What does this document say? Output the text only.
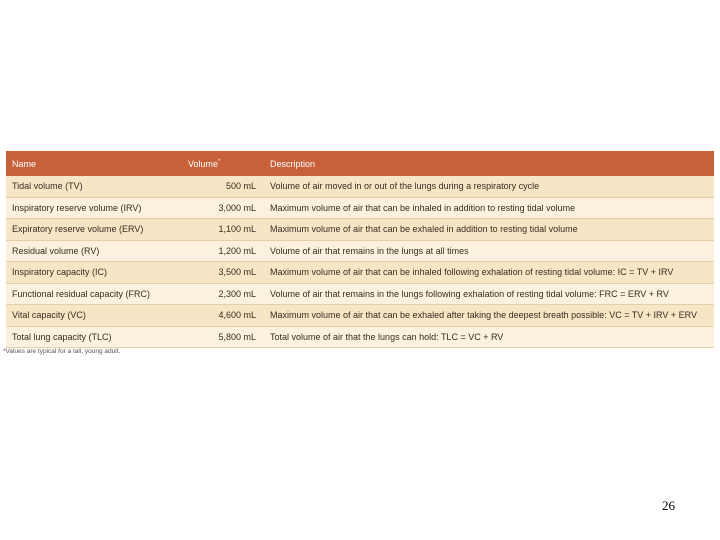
Name	Volume*	Description
Tidal volume (TV)	500 mL	Volume of air moved in or out of the lungs during a respiratory cycle
Inspiratory reserve volume (IRV)	3,000 mL	Maximum volume of air that can be inhaled in addition to resting tidal volume
Expiratory reserve volume (ERV)	1,100 mL	Maximum volume of air that can be exhaled in addition to resting tidal volume
Residual volume (RV)	1,200 mL	Volume of air that remains in the lungs at all times
Inspiratory capacity (IC)	3,500 mL	Maximum volume of air that can be inhaled following exhalation of resting tidal volume: IC = TV + IRV
Functional residual capacity (FRC)	2,300 mL	Volume of air that remains in the lungs following exhalation of resting tidal volume: FRC = ERV + RV
Vital capacity (VC)	4,600 mL	Maximum volume of air that can be exhaled after taking the deepest breath possible: VC = TV + IRV + ERV
Total lung capacity (TLC)	5,800 mL	Total volume of air that the lungs can hold: TLC = VC + RV
*Values are typical for a tall, young adult.
26
